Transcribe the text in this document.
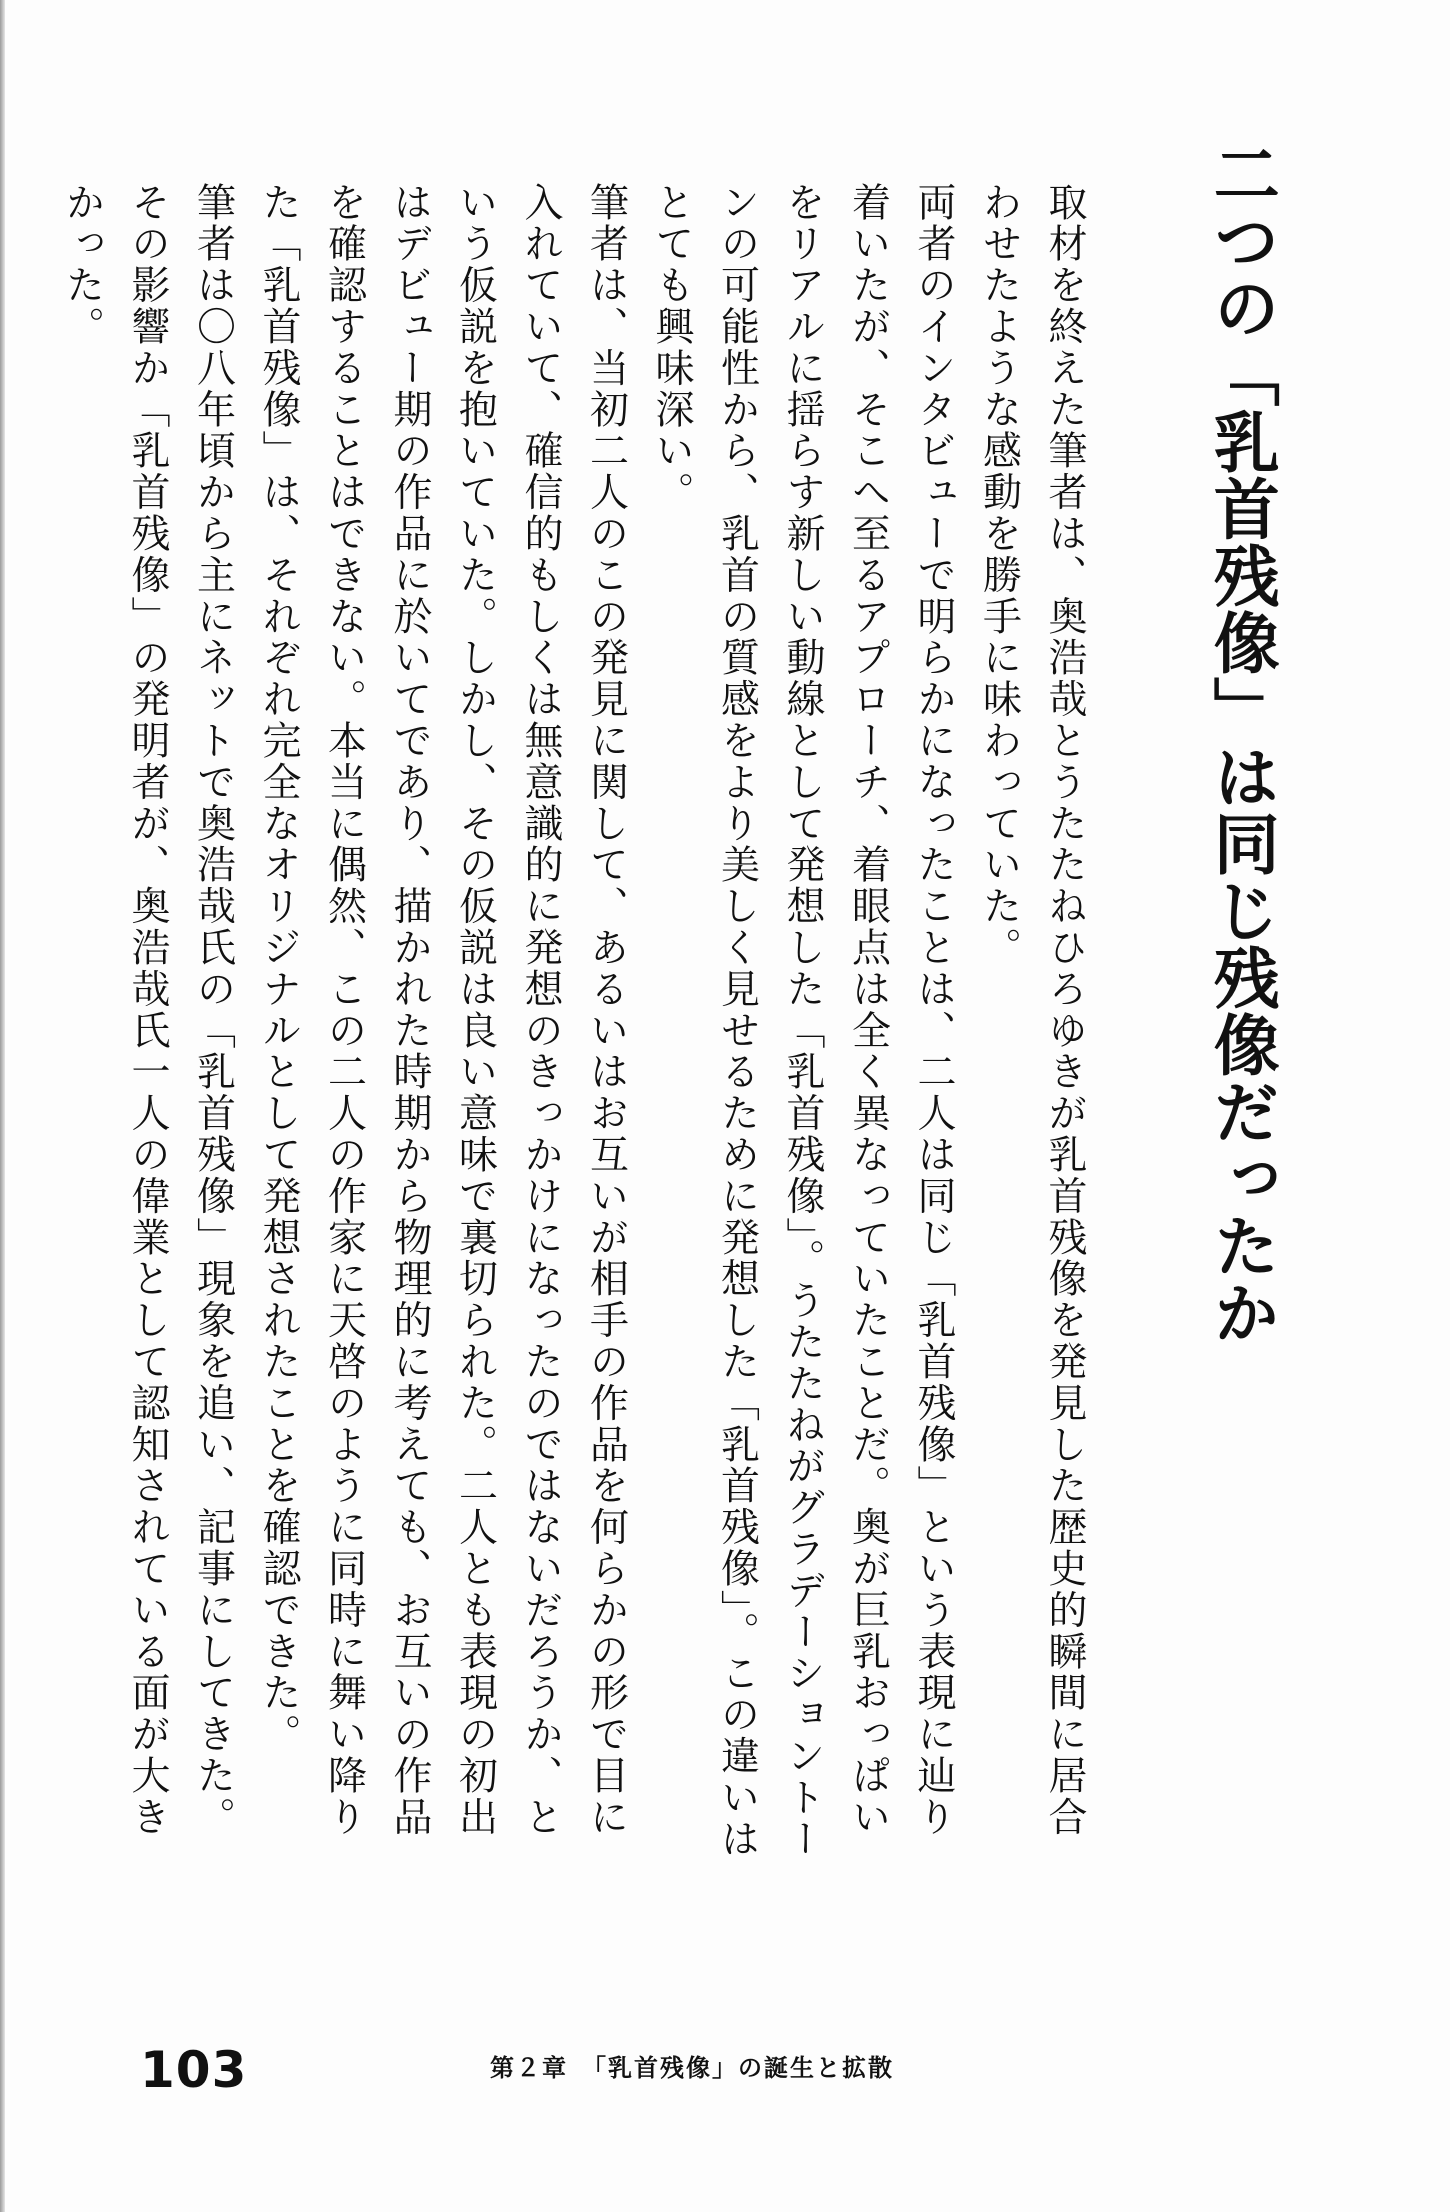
二つの「乳首残像」は同じ残像だったか

取材を終えた筆者は、奥浩哉とうたたねひろゆきが乳首残像を発見した歴史的瞬間に居合わせたような感動を勝手に味わっていた。

両者のインタビューで明らかになったことは、二人は同じ「乳首残像」という表現に辿り着いたが、そこへ至るアプローチ、着眼点は全く異なっていたことだ。奥が巨乳おっぱいをリアルに揺らす新しい動線として発想した「乳首残像」。うたたねがグラデーショントーンの可能性から、乳首の質感をより美しく見せるために発想した「乳首残像」。この違いはとても興味深い。

筆者は、当初二人のこの発見に関して、あるいはお互いが相手の作品を何らかの形で目に入れていて、確信的もしくは無意識的に発想のきっかけになったのではないだろうか、という仮説を抱いていた。しかし、その仮説は良い意味で裏切られた。二人とも表現の初出はデビュー期の作品に於いてであり、描かれた時期から物理的に考えても、お互いの作品を確認することはできない。本当に偶然、この二人の作家に天啓のように同時に舞い降りた「乳首残像」は、それぞれ完全なオリジナルとして発想されたことを確認できた。

筆者は〇八年頃から主にネットで奥浩哉氏の「乳首残像」現象を追い、記事にしてきた。その影響か「乳首残像」の発明者が、奥浩哉氏一人の偉業として認知されている面が大きかった。

103	第２章　「乳首残像」の誕生と拡散
